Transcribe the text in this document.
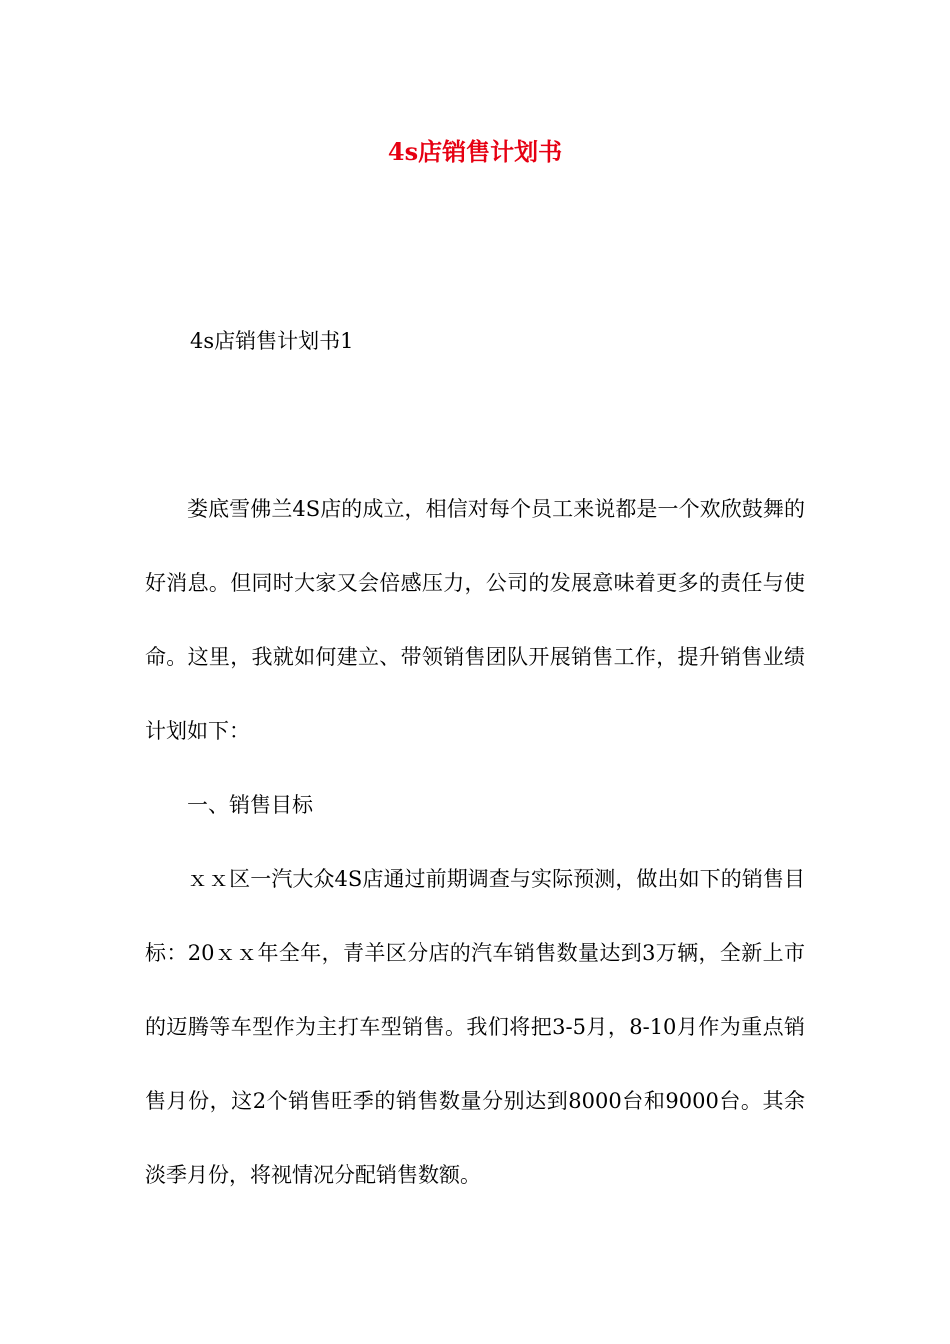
4s店销售计划书
4s店销售计划书1

娄底雪佛兰4S店的成立，相信对每个员工来说都是一个欢欣鼓舞的好消息。但同时大家又会倍感压力，公司的发展意味着更多的责任与使命。这里，我就如何建立、带领销售团队开展销售工作，提升销售业绩计划如下：

一、销售目标

ｘｘ区一汽大众4S店通过前期调查与实际预测，做出如下的销售目标：20ｘｘ年全年，青羊区分店的汽车销售数量达到3万辆，全新上市的迈腾等车型作为主打车型销售。我们将把3-5月，8-10月作为重点销售月份，这2个销售旺季的销售数量分别达到8000台和9000台。其余淡季月份，将视情况分配销售数额。
